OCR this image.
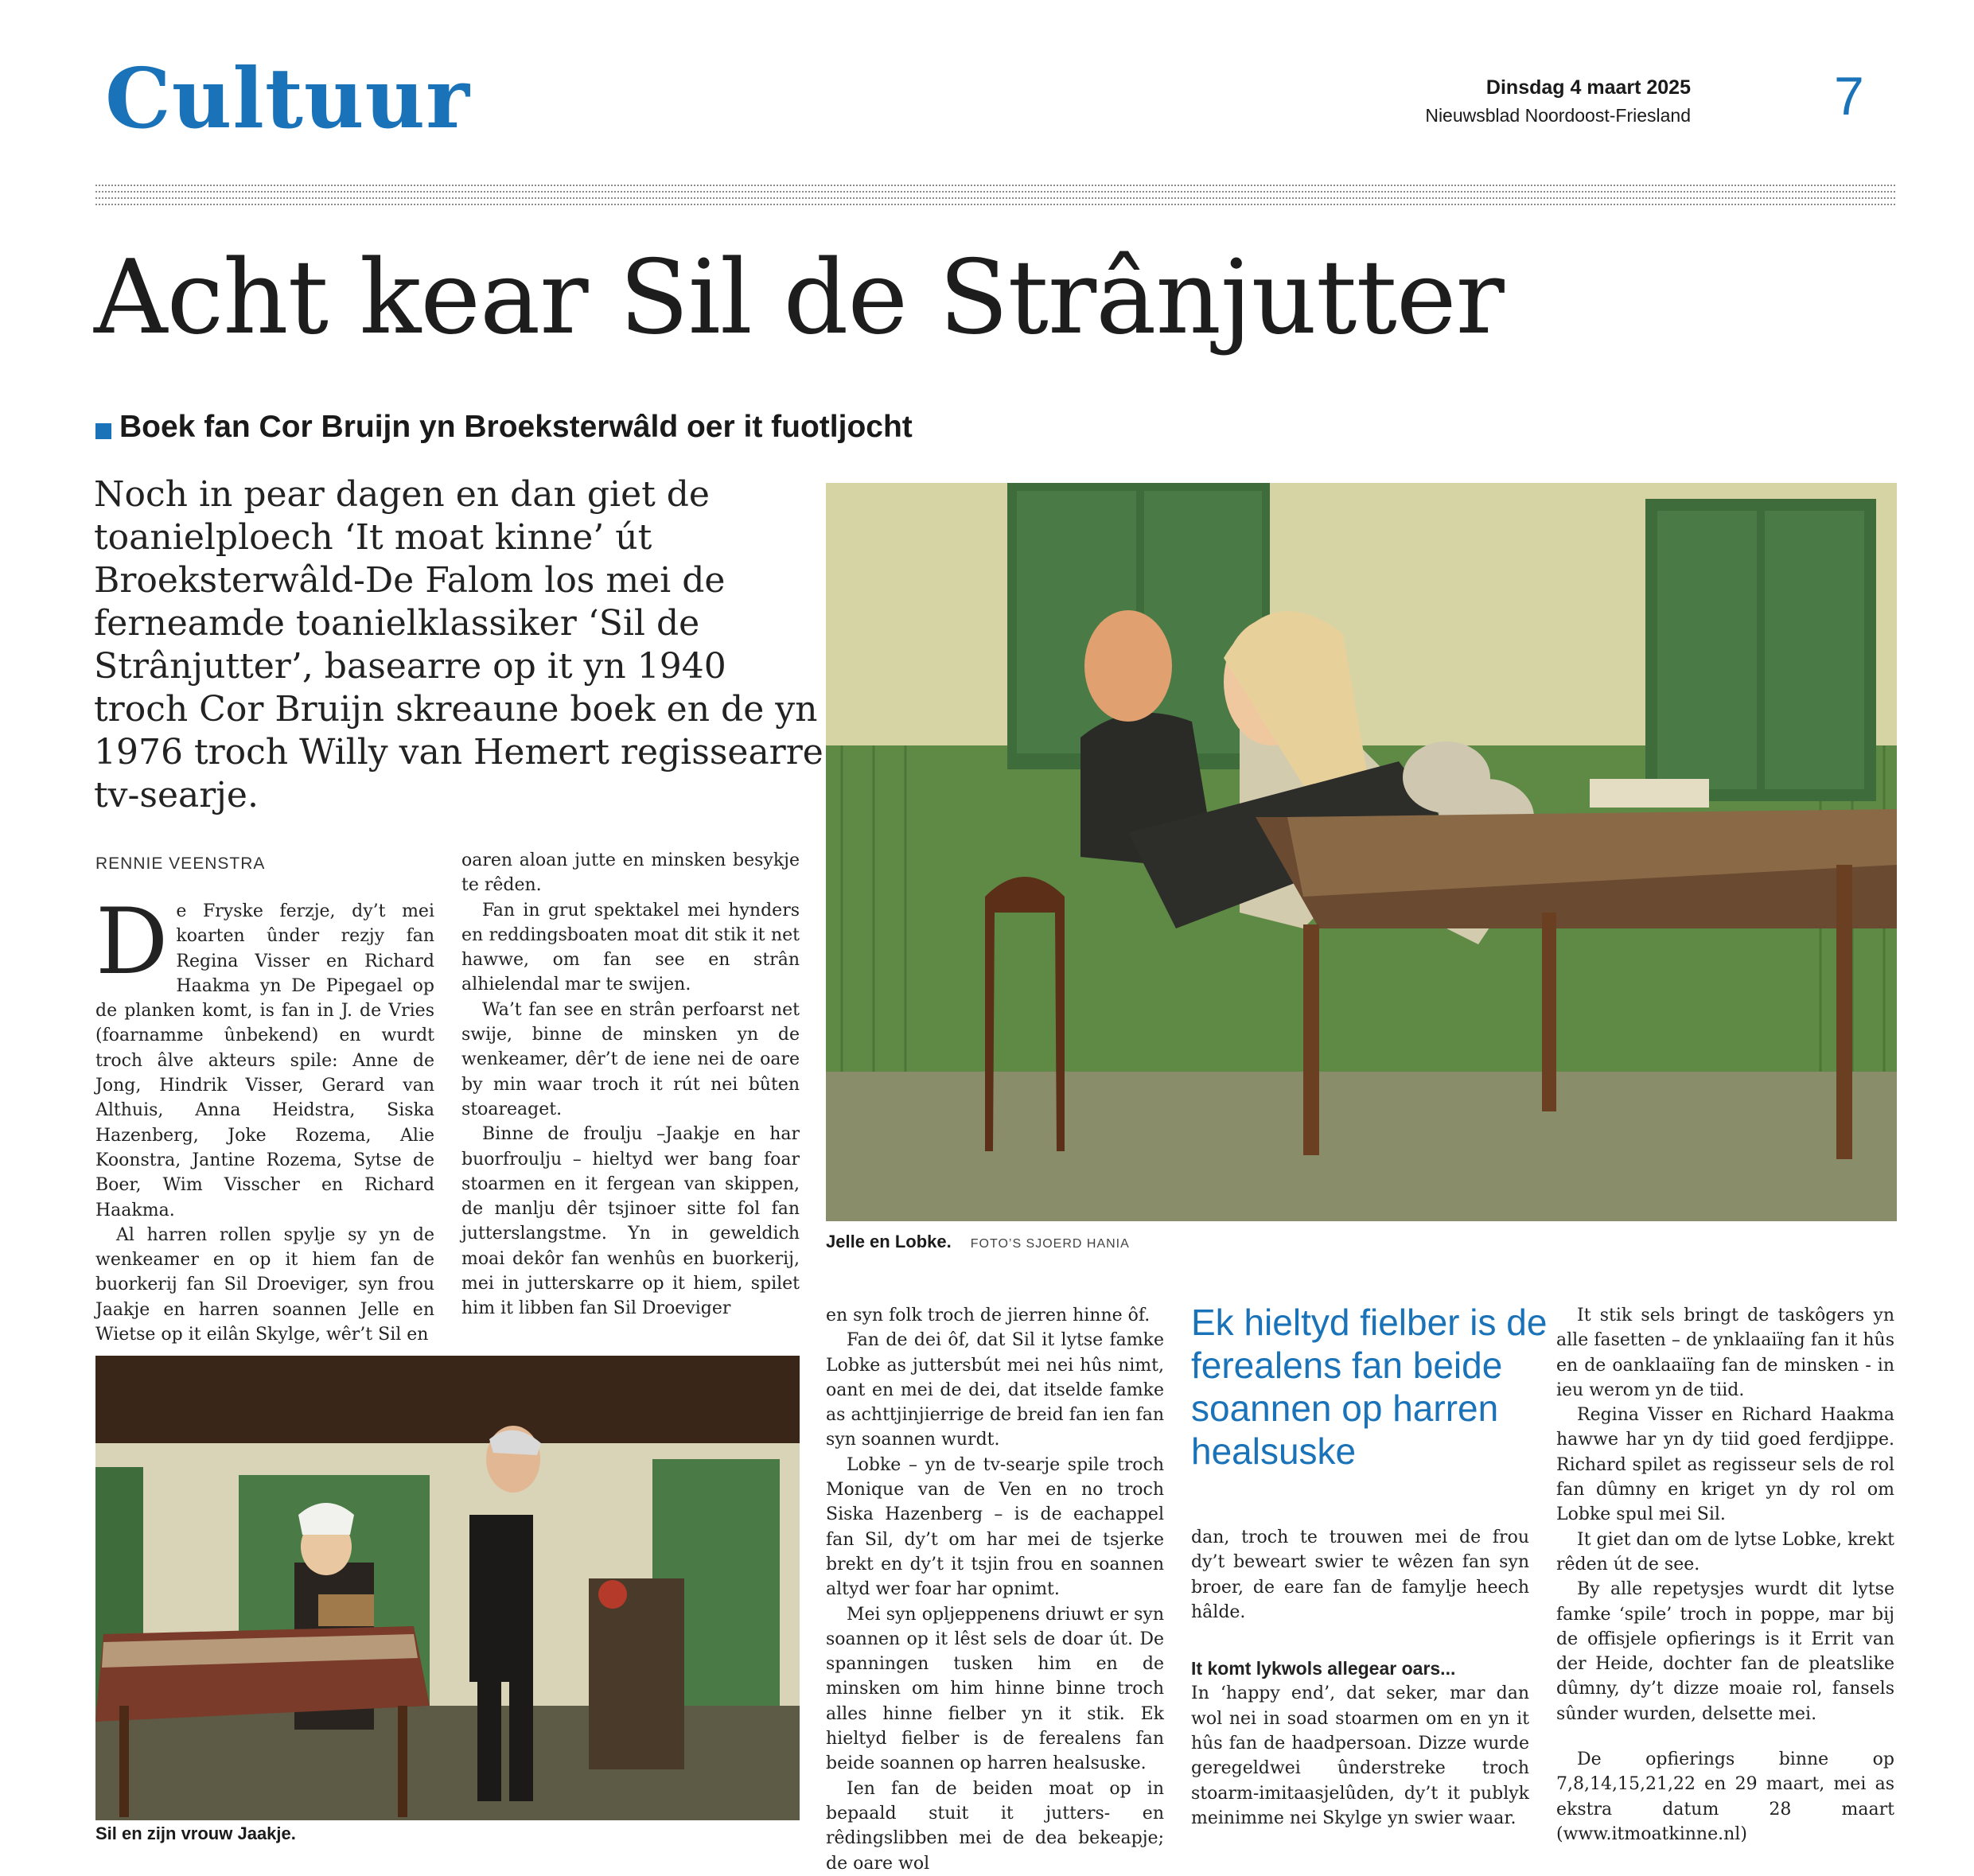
Cultuur	Dinsdag 4 maart 2025
Nieuwsblad Noordoost-Friesland	7
Acht kear Sil de Strânjutter
Boek fan Cor Bruijn yn Broeksterwâld oer it fuotljocht
Noch in pear dagen en dan giet de toanielploech ‘It moat kinne’ út Broeksterwâld-De Falom los mei de ferneamde toanielklassiker ‘Sil de Strânjutter’, basearre op it yn 1940 troch Cor Bruijn skreaune boek en de yn 1976 troch Willy van Hemert regissearre tv-searje.
RENNIE VEENSTRA
D e Fryske ferzje, dy’t mei koarten ûnder rezjy fan Regina Visser en Richard Haakma yn De Pipegael op de planken komt, is fan in J. de Vries (foarnamme ûnbekend) en wurdt troch âlve akteurs spile: Anne de Jong, Hindrik Visser, Gerard van Althuis, Anna Heidstra, Siska Hazenberg, Joke Rozema, Alie Koonstra, Jantine Rozema, Sytse de Boer, Wim Visscher en Richard Haakma.

Al harren rollen spylje sy yn de wenkeamer en op it hiem fan de buorkerij fan Sil Droeviger, syn frou Jaakje en harren soannen Jelle en Wietse op it eilân Skylge, wêr’t Sil en

oaren aloan jutte en minsken besykje te rêden.

Fan in grut spektakel mei hynders en reddingsboaten moat dit stik it net hawwe, om fan see en strân alhielendal mar te swijen.

Wa’t fan see en strân perfoarst net swije, binne de minsken yn de wenkeamer, dêr’t de iene nei de oare by min waar troch it rút nei bûten stoareaget.

Binne de froulju –Jaakje en har buorfroulju – hieltyd wer bang foar stoarmen en it fergean van skippen, de manlju dêr tsjinoer sitte fol fan jutterslangstme. Yn in geweldich moai dekôr fan wenhûs en buorkerij, mei in jutterskarre op it hiem, spilet him it libben fan Sil Droeviger

Jelle en Lobke. FOTO’S SJOERD HANIA
Sil en zijn vrouw Jaakje.

en syn folk troch de jierren hinne ôf.

Fan de dei ôf, dat Sil it lytse famke Lobke as juttersbút mei nei hûs nimt, oant en mei de dei, dat itselde famke as achttjinjierrige de breid fan ien fan syn soannen wurdt.

Lobke – yn de tv-searje spile troch Monique van de Ven en no troch Siska Hazenberg – is de eachappel fan Sil, dy’t om har mei de tsjerke brekt en dy’t it tsjin frou en soannen altyd wer foar har opnimt.

Mei syn opljeppenens driuwt er syn soannen op it lêst sels de doar út. De spanningen tusken him en de minsken om him hinne binne troch alles hinne fielber yn it stik. Ek hieltyd fielber is de ferealens fan beide soannen op harren healsuske.

Ien fan de beiden moat op in bepaald stuit it jutters- en rêdingslibben mei de dea bekeapje; de oare wol

Ek hieltyd fielber is de ferealens fan beide soannen op harren healsuske

dan, troch te trouwen mei de frou dy’t beweart swier te wêzen fan syn broer, de eare fan de famylje heech hâlde.

It komt lykwols allegear oars...

In ‘happy end’, dat seker, mar dan wol nei in soad stoarmen om en yn it hûs fan de haadpersoan. Dizze wurde geregeldwei ûnderstreke troch stoarm-imitaasjelûden, dy’t it publyk meinimme nei Skylge yn swier waar.

It stik sels bringt de taskôgers yn alle fasetten – de ynklaaiïng fan it hûs en de oanklaaiïng fan de minsken - in ieu werom yn de tiid.

Regina Visser en Richard Haakma hawwe har yn dy tiid goed ferdjippe. Richard spilet as regisseur sels de rol fan dûmny en kriget yn dy rol om Lobke spul mei Sil.

It giet dan om de lytse Lobke, krekt rêden út de see.

By alle repetysjes wurdt dit lytse famke ‘spile’ troch in poppe, mar bij de offisjele opfierings is it Errit van der Heide, dochter fan de pleatslike dûmny, dy’t dizze moaie rol, fansels sûnder wurden, delsette mei.

De opfierings binne op 7,8,14,15,21,22 en 29 maart, mei as ekstra datum 28 maart (www.itmoatkinne.nl)
